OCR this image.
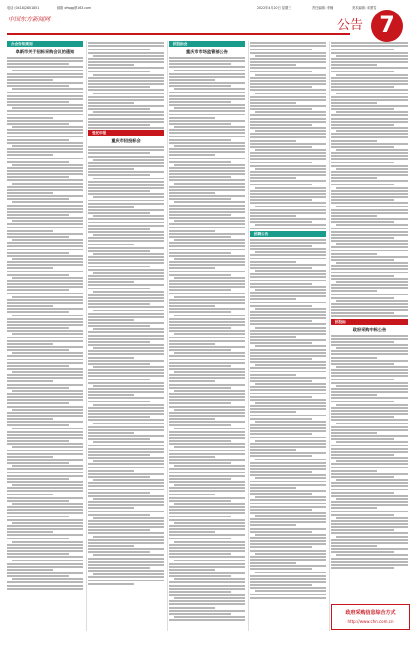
电话 (0418)2801851	邮箱 xfwgg@163.com	2022年4月20日 星期三	责任编辑: 李楠	美术编辑: 邓蕾雪
中国东方新闻网	公告 7
办会告知规划
阜新市关于招标采购会议的通知
受托申报
重庆市招投标会
招投标会
重庆市市场监管部公告
招聘公告
招投标
政府采购中标公告
政府采购信息综合方式
http://www.chn.com.cn
